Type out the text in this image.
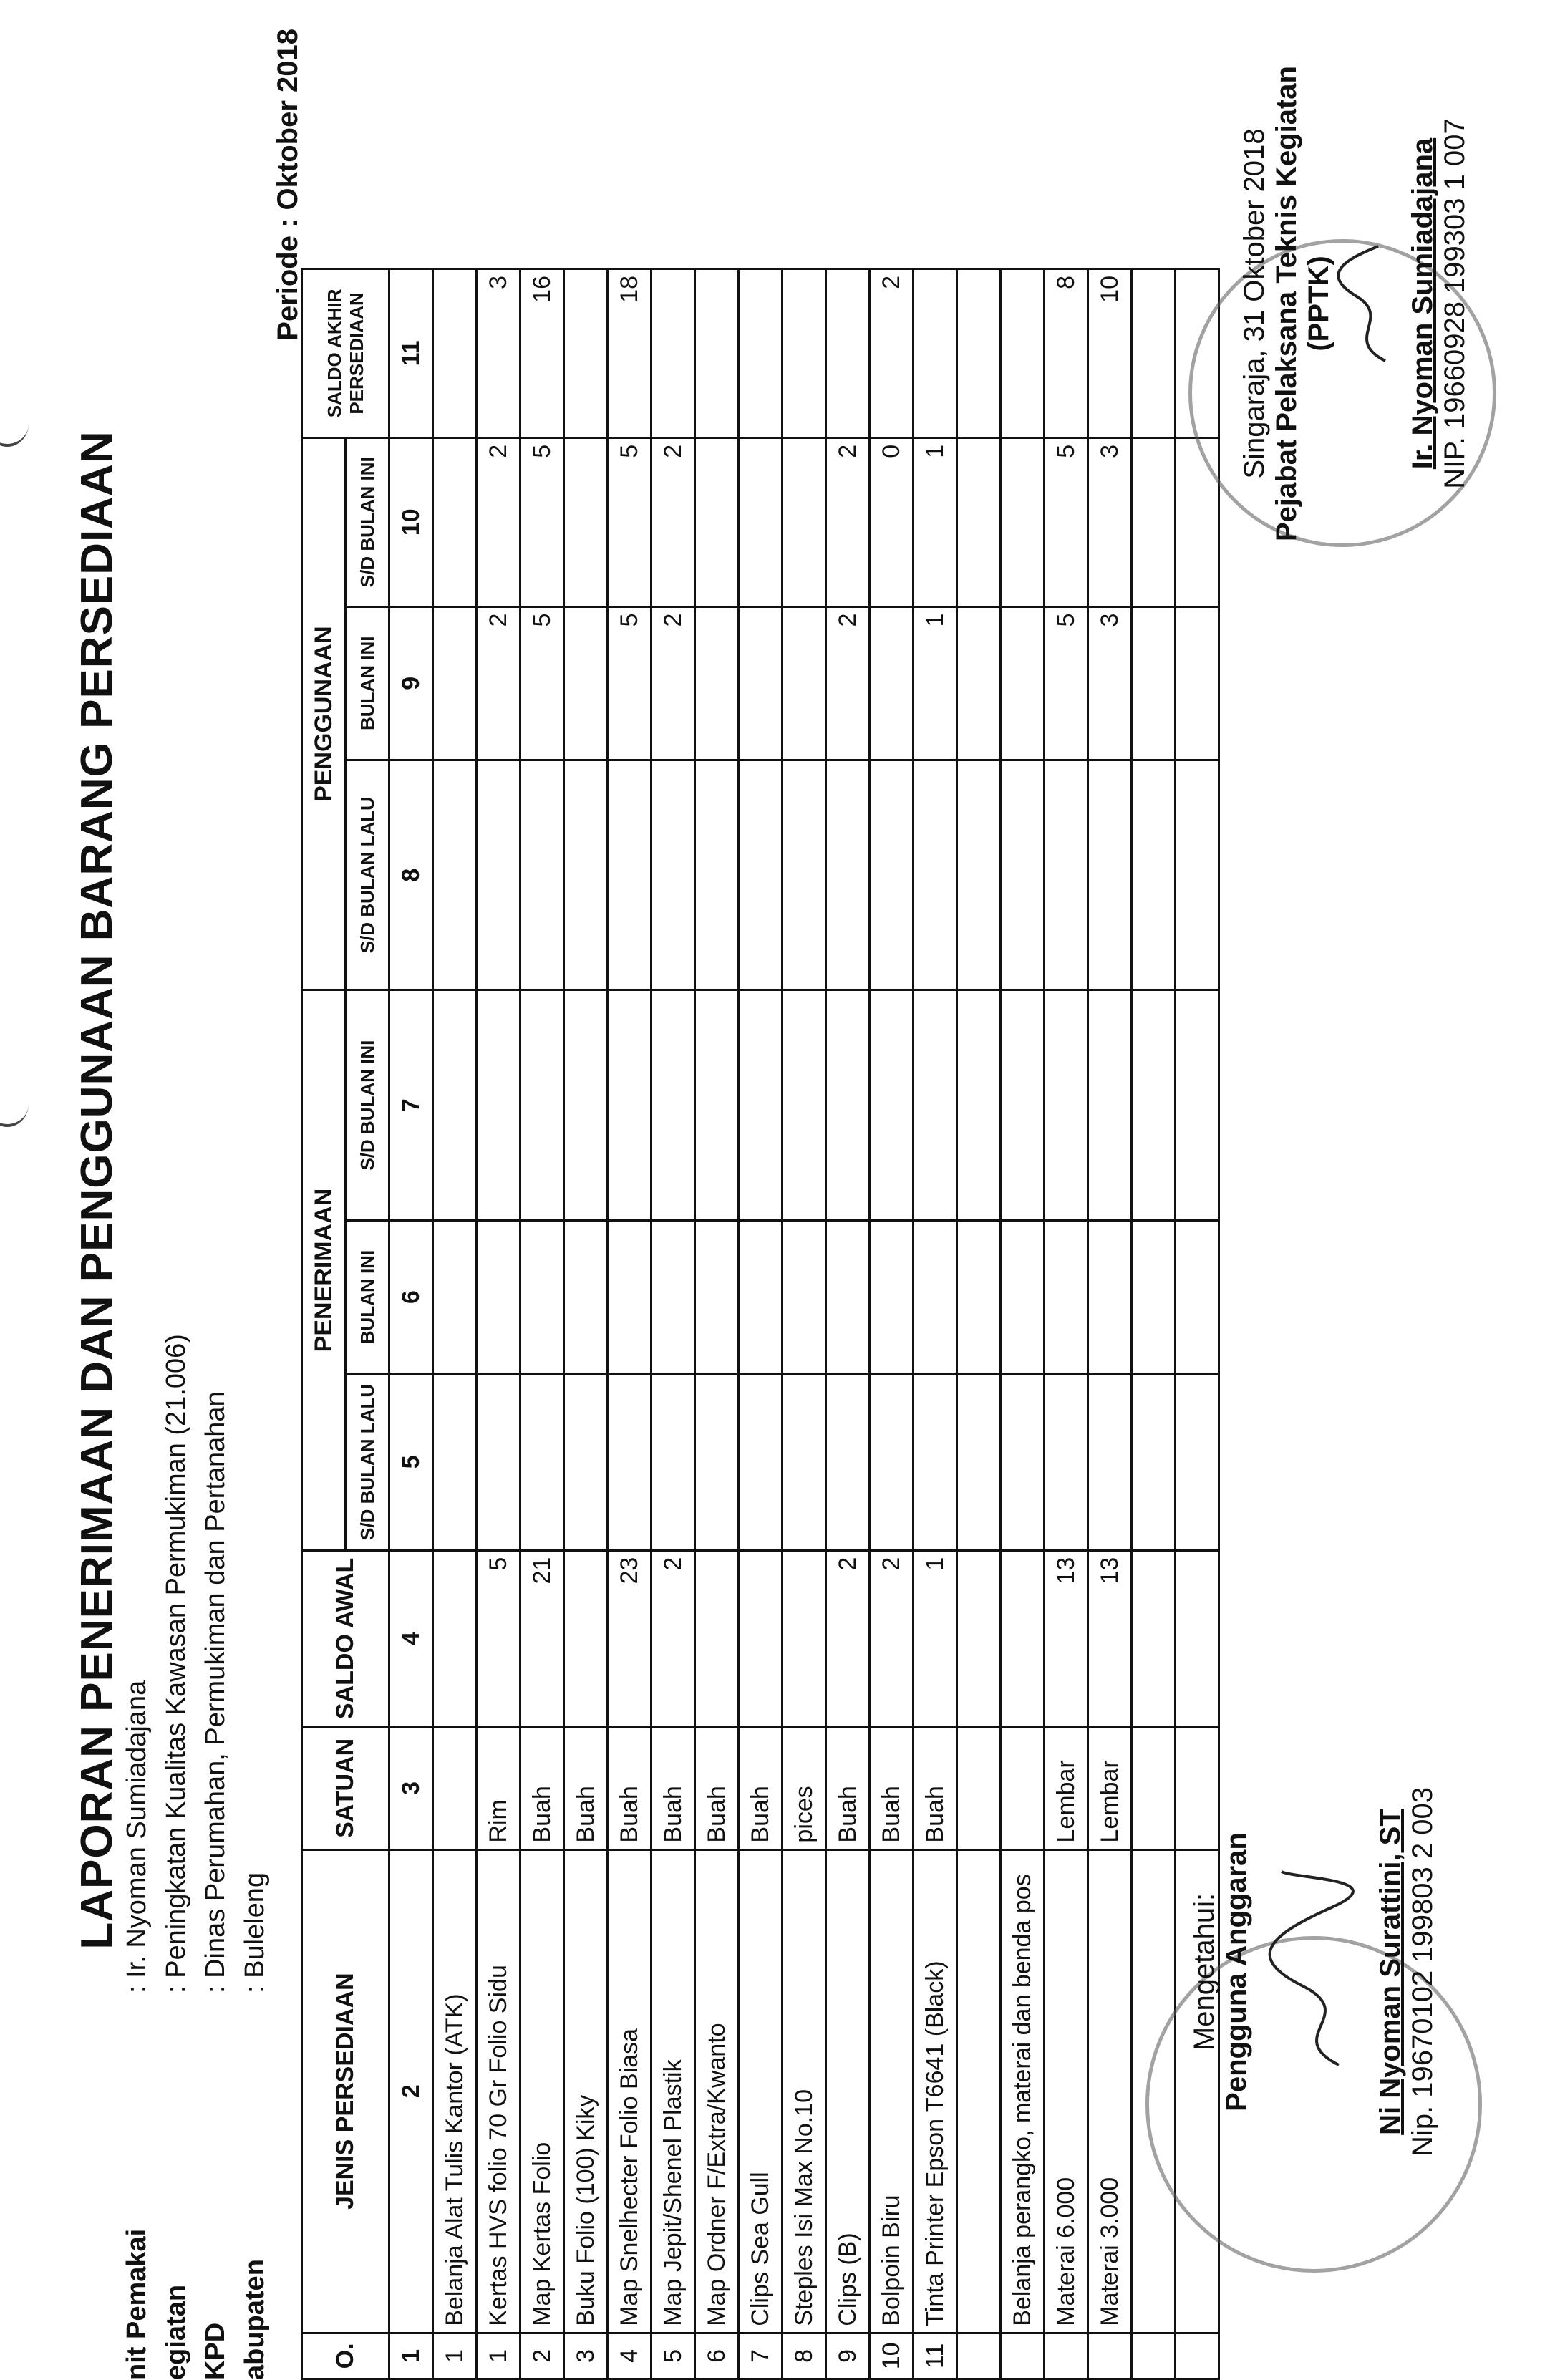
LAPORAN PENERIMAAN DAN PENGGUNAAN BARANG PERSEDIAAN
nit Pemakai
: Ir. Nyoman Sumiadajana
egiatan
: Peningkatan Kualitas Kawasan Permukiman (21.006)
KPD
: Dinas Perumahan, Permukiman dan Pertanahan
abupaten
: Buleleng
Periode : Oktober 2018
O.	JENIS PERSEDIAAN	SATUAN	SALDO AWAL	PENERIMAAN			PENGGUNAAN			SALDO AKHIR PERSEDIAAN

				S/D BULAN LALU	BULAN INI	S/D BULAN INI	S/D BULAN LALU	BULAN INI	S/D BULAN INI	
1	2	3	4	5	6	7	8	9	10	11
1	Belanja Alat Tulis Kantor (ATK)									
1	Kertas HVS folio 70 Gr Folio Sidu	Rim	5					2	2	3
2	Map Kertas Folio	Buah	21					5	5	16
3	Buku Folio (100) Kiky	Buah								
4	Map Snelhecter Folio Biasa	Buah	23					5	5	18
5	Map Jepit/Shenel Plastik	Buah	2					2	2	
6	Map Ordner F/Extra/Kwanto	Buah								
7	Clips Sea Gull	Buah								
8	Steples Isi Max No.10	pices								
9	Clips (B)	Buah	2					2	2	
10	Bolpoin Biru	Buah	2						0	2
11	Tinta Printer Epson T6641 (Black)	Buah	1					1	1	

	Belanja perangko, materai dan benda pos									
	Materai 6.000	Lembar	13					5	5	8
	Materai 3.000	Lembar	13					3	3	10

Mengetahui: Pengguna Anggaran	Ni Nyoman Surattini, ST Nip. 19670102 199803 2 003
Singaraja, 31 Oktober 2018 Pejabat Pelaksana Teknis Kegiatan (PPTK)	Ir. Nyoman Sumiadajana NIP. 19660928 199303 1 007
